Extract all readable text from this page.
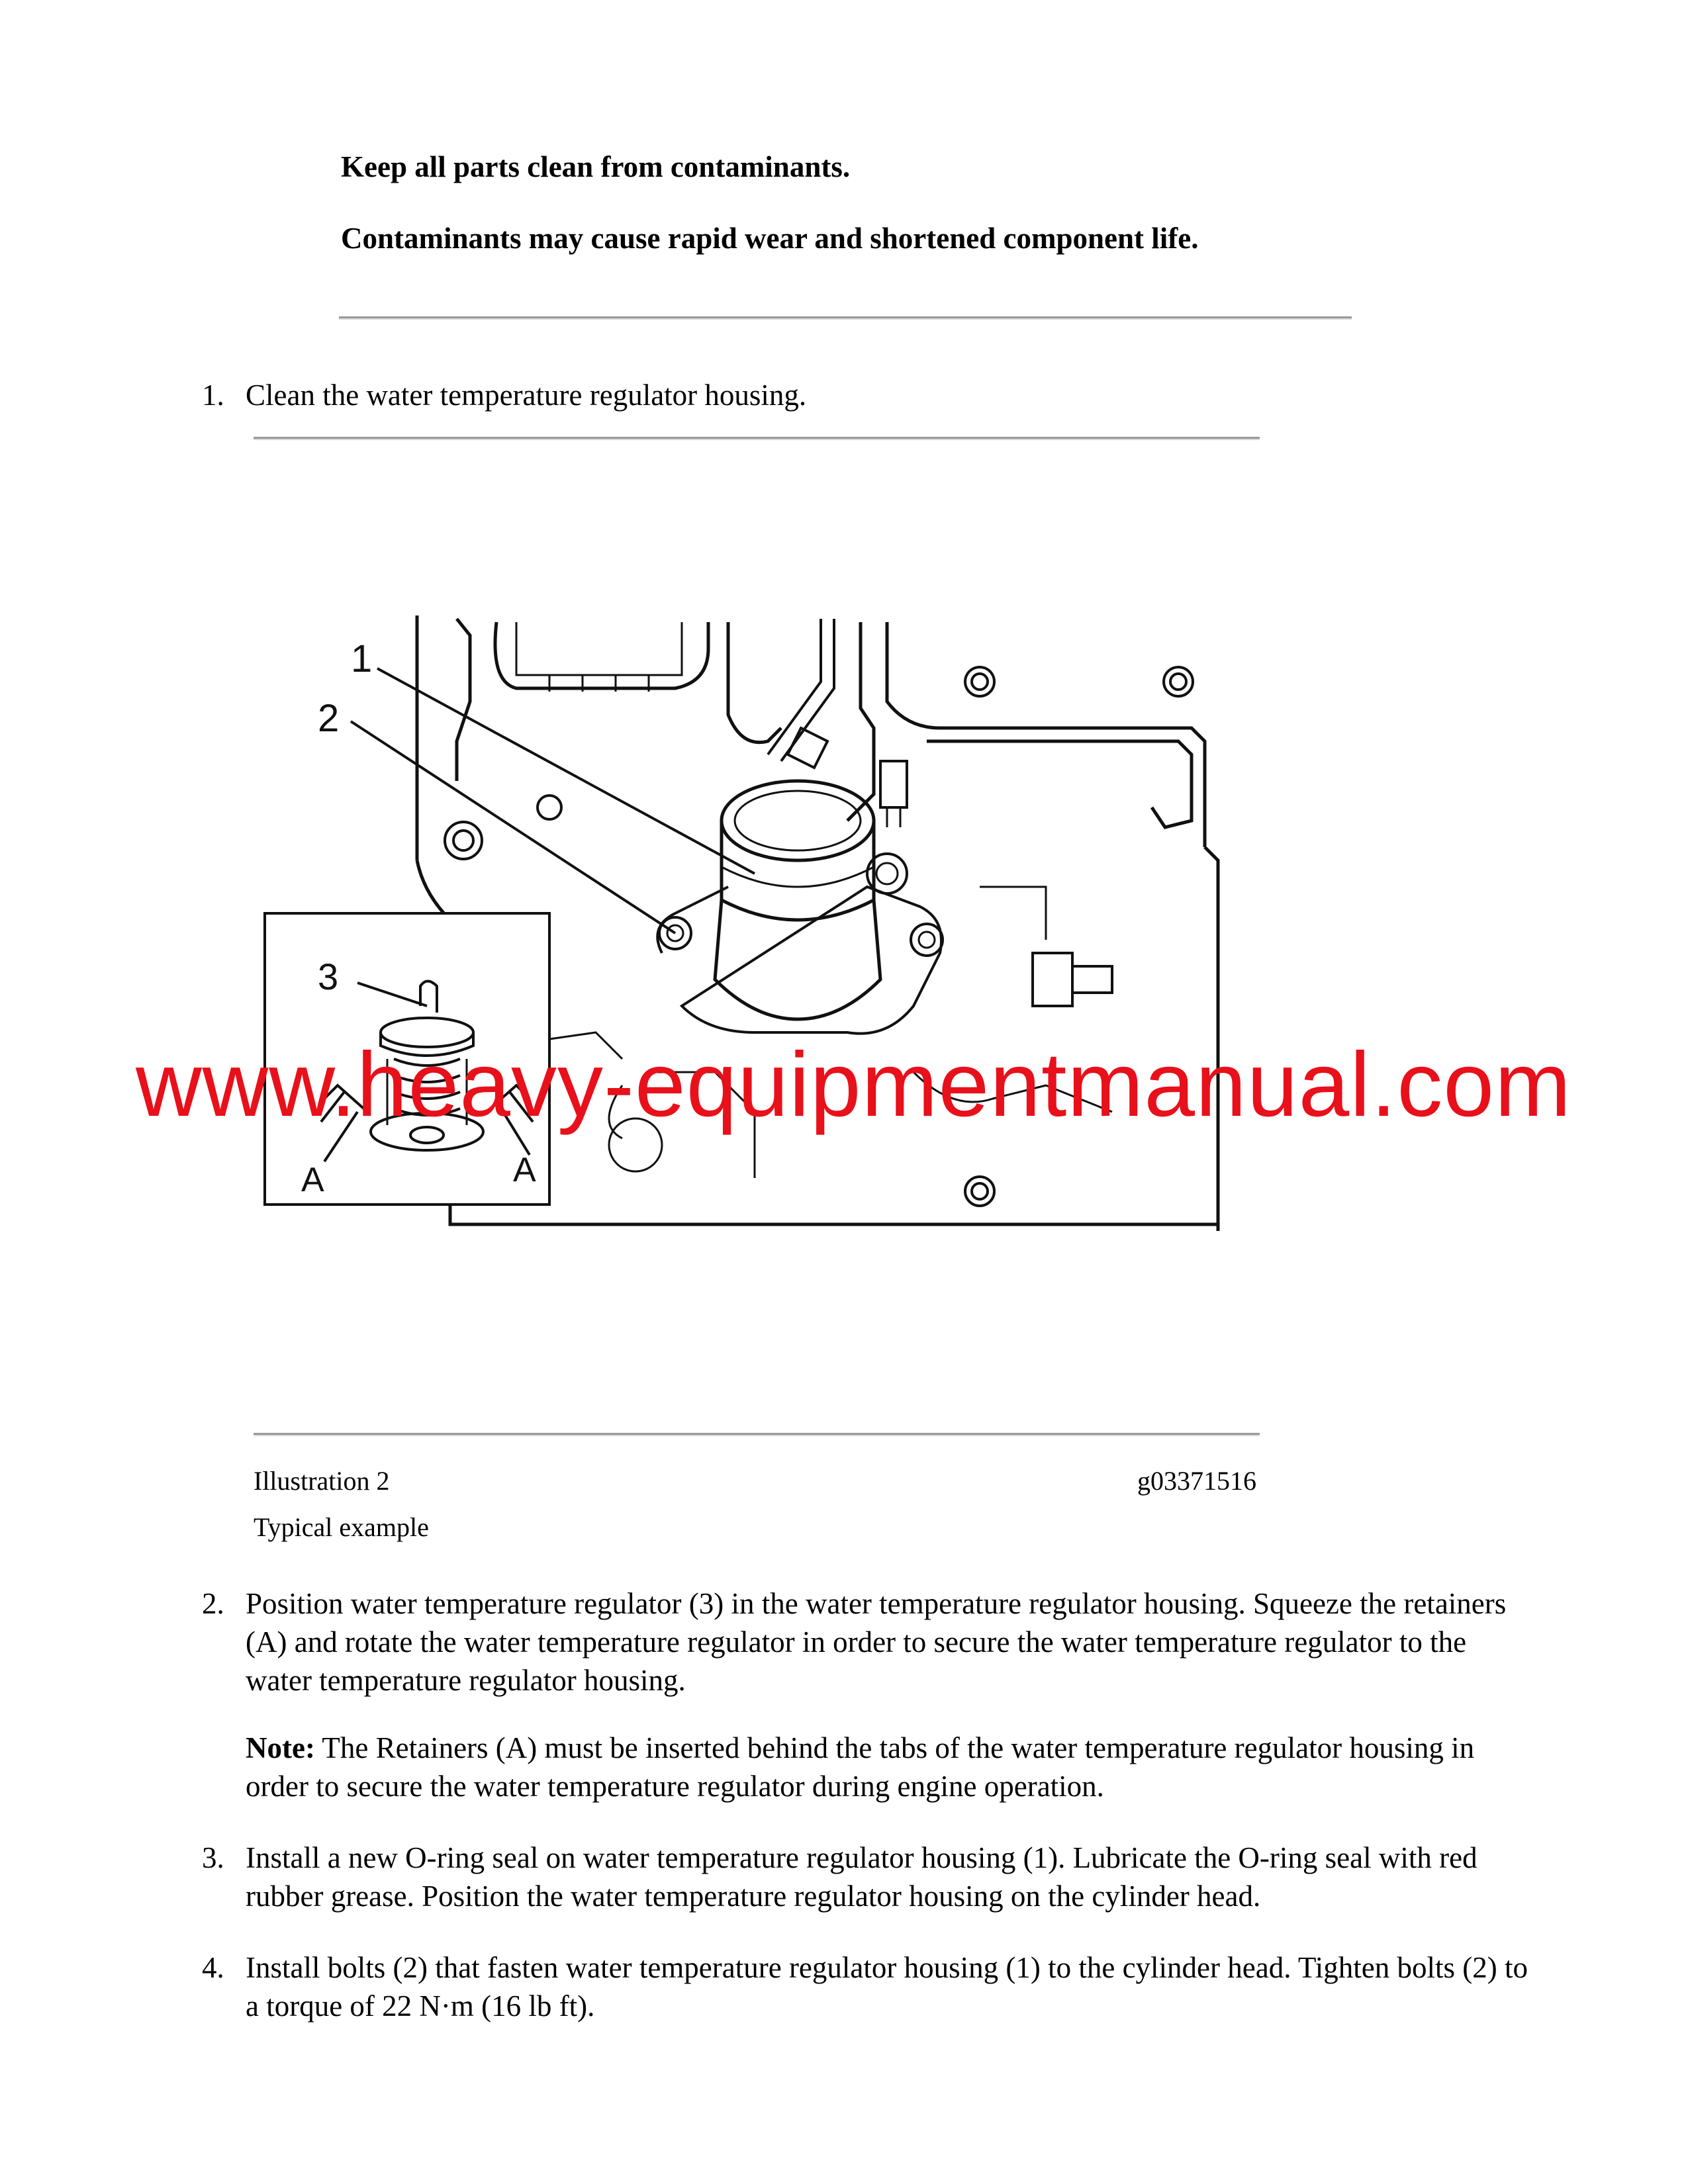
Keep all parts clean from contaminants.
Contaminants may cause rapid wear and shortened component life.
1. Clean the water temperature regulator housing.
1
2
3
A	A
Illustration 2	g03371516
Typical example
2. Position water temperature regulator (3) in the water temperature regulator housing. Squeeze the retainers (A) and rotate the water temperature regulator in order to secure the water temperature regulator to the water temperature regulator housing.
Note: The Retainers (A) must be inserted behind the tabs of the water temperature regulator housing in order to secure the water temperature regulator during engine operation.
3. Install a new O-ring seal on water temperature regulator housing (1). Lubricate the O-ring seal with red rubber grease. Position the water temperature regulator housing on the cylinder head.
4. Install bolts (2) that fasten water temperature regulator housing (1) to the cylinder head. Tighten bolts (2) to a torque of 22 N·m (16 lb ft).
www.heavy-equipmentmanual.com
